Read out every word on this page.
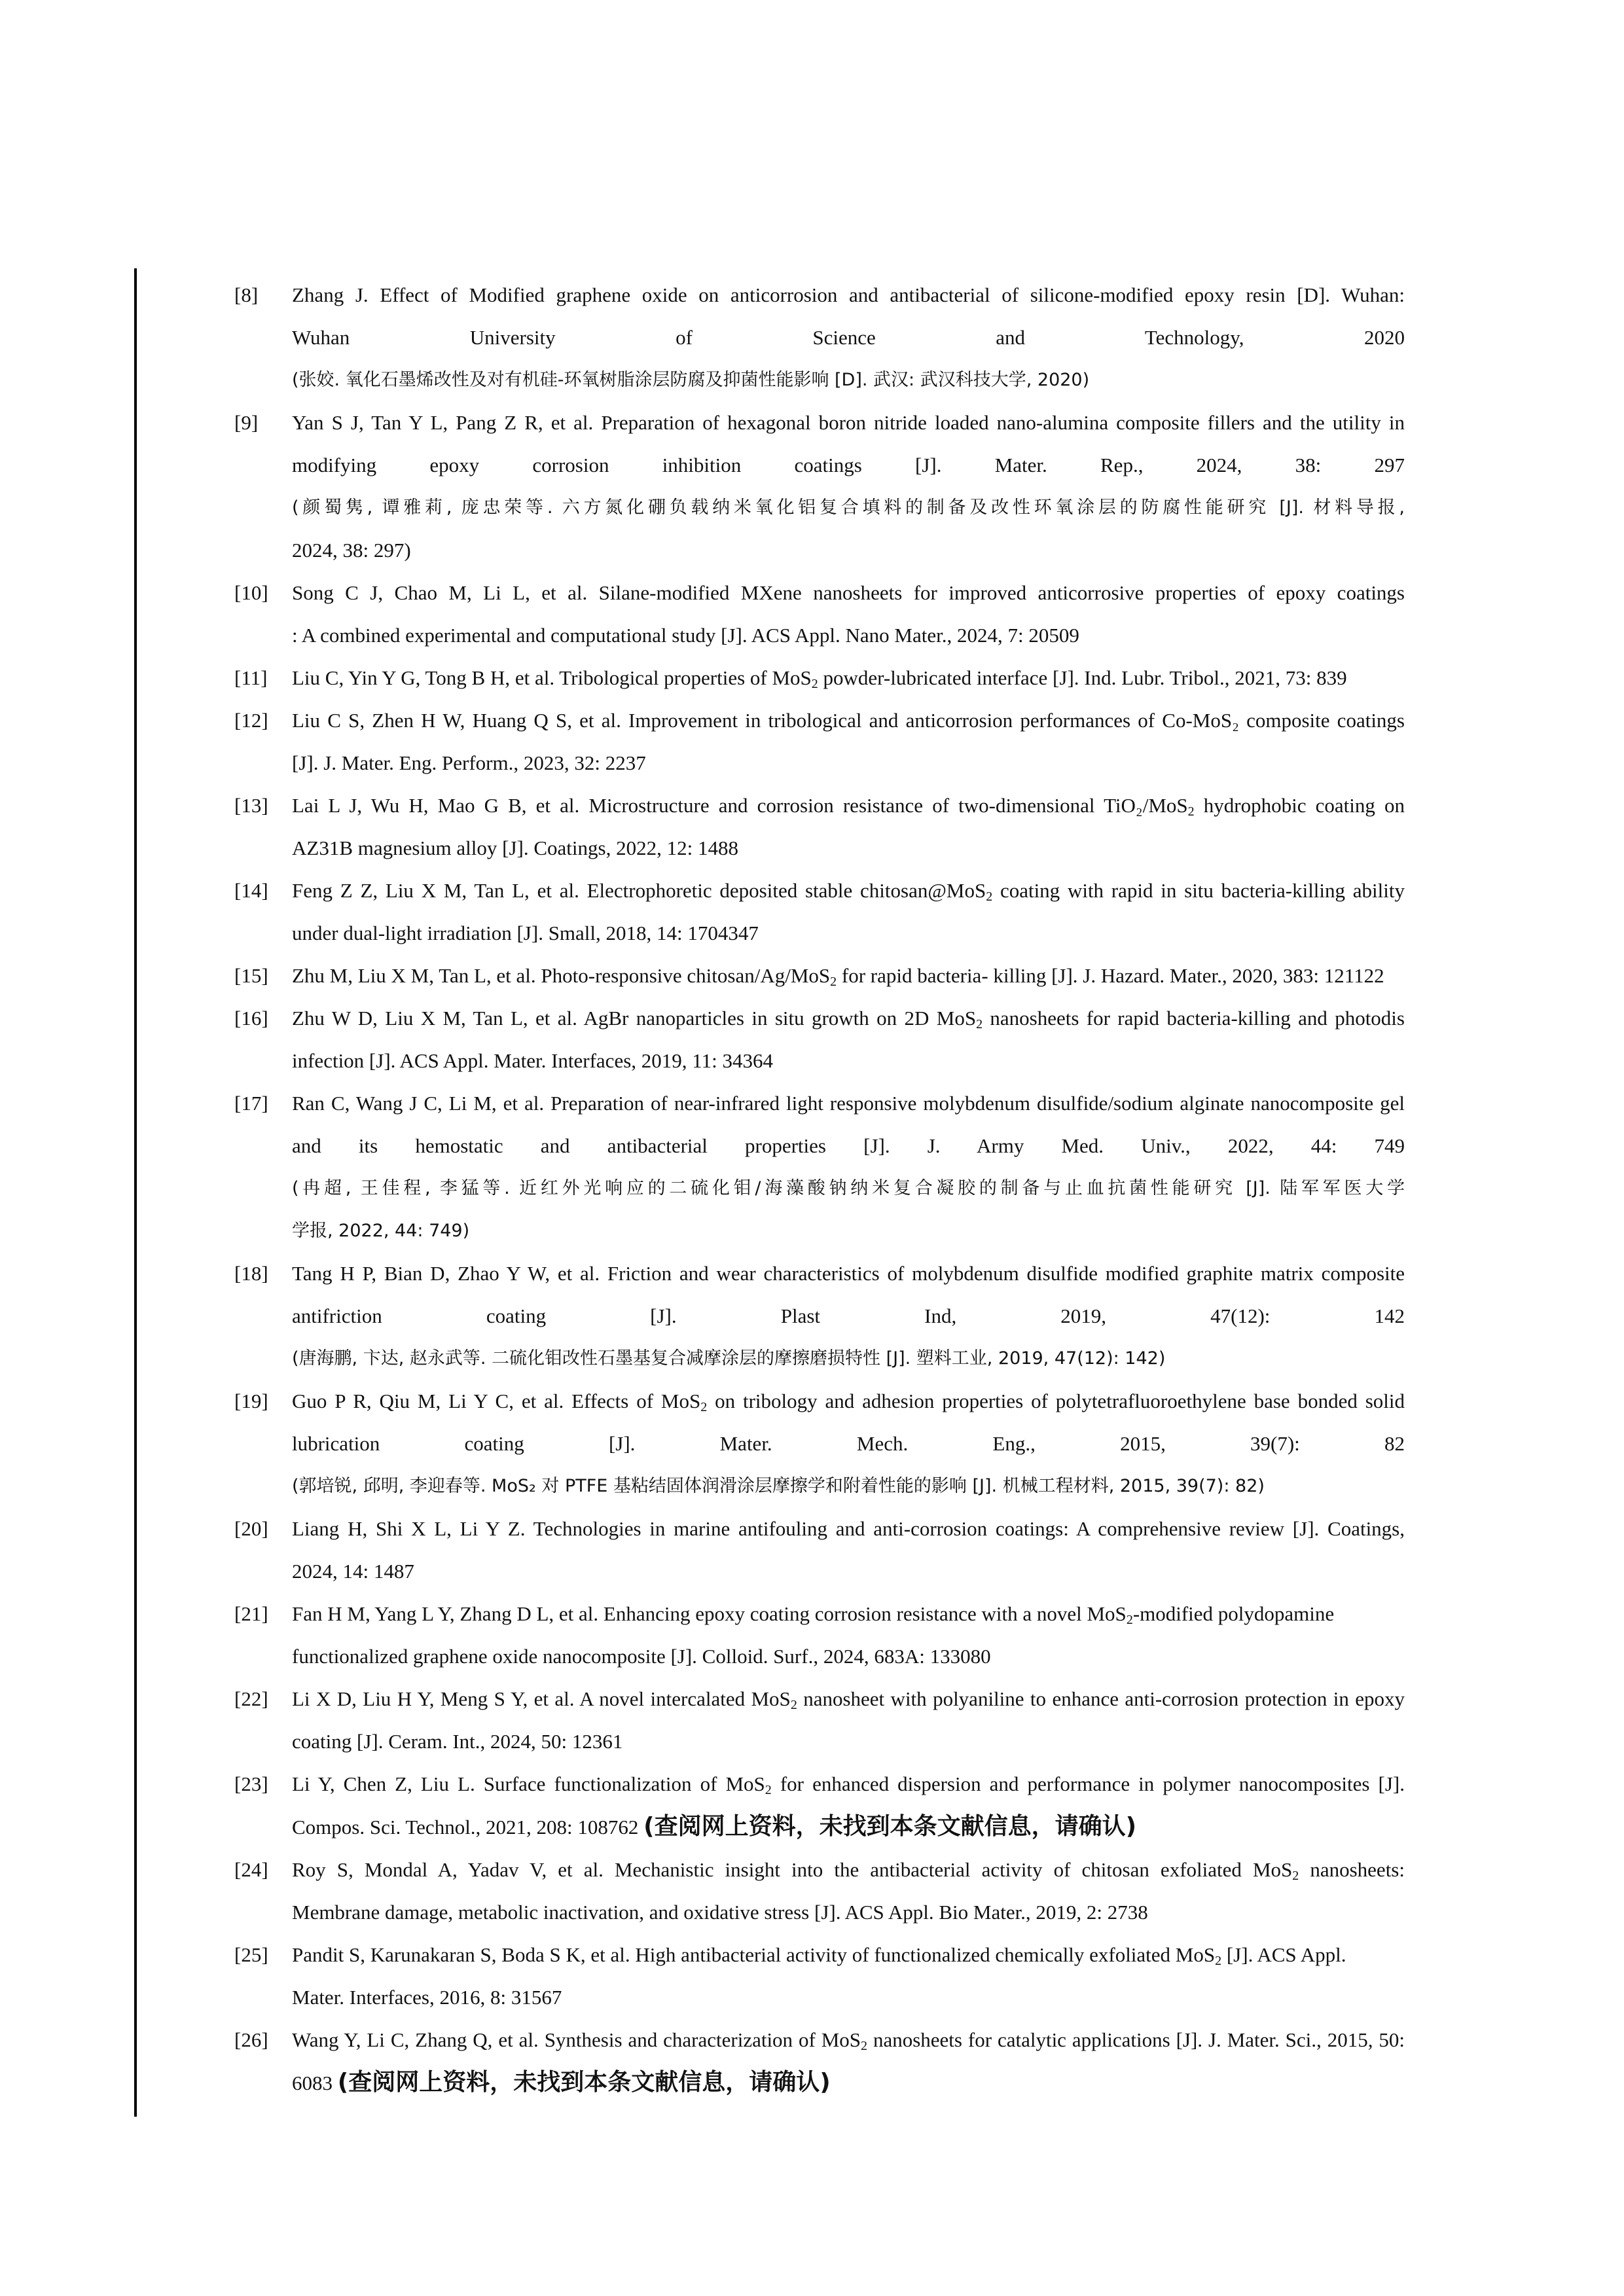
[8] Zhang J. Effect of Modified graphene oxide on anticorrosion and antibacterial of silicone-modified epoxy resin [D]. Wuhan:
Wuhan University of Science and Technology, 2020
(张姣. 氧化石墨烯改性及对有机硅-环氧树脂涂层防腐及抑菌性能影响 [D]. 武汉: 武汉科技大学, 2020)
[9] Yan S J, Tan Y L, Pang Z R, et al. Preparation of hexagonal boron nitride loaded nano-alumina composite fillers and the utility in
modifying epoxy corrosion inhibition coatings [J]. Mater. Rep., 2024, 38: 297
(颜蜀隽, 谭雅莉, 庞忠荣等. 六方氮化硼负载纳米氧化铝复合填料的制备及改性环氧涂层的防腐性能研究 [J]. 材料导报,
2024, 38: 297)
[10] Song C J, Chao M, Li L, et al. Silane-modified MXene nanosheets for improved anticorrosive properties of epoxy coatings
: A combined experimental and computational study [J]. ACS Appl. Nano Mater., 2024, 7: 20509
[11] Liu C, Yin Y G, Tong B H, et al. Tribological properties of MoS$_2$ powder-lubricated interface [J]. Ind. Lubr. Tribol., 2021, 73: 839
[12] Liu C S, Zhen H W, Huang Q S, et al. Improvement in tribological and anticorrosion performances of Co-MoS₂ composite coatings
[J]. J. Mater. Eng. Perform., 2023, 32: 2237
[13] Lai L J, Wu H, Mao G B, et al. Microstructure and corrosion resistance of two-dimensional TiO₂/MoS$_2$ hydrophobic coating on
AZ31B magnesium alloy [J]. Coatings, 2022, 12: 1488
[14] Feng Z Z, Liu X M, Tan L, et al. Electrophoretic deposited stable chitosan@MoS$_2$ coating with rapid in situ bacteria-killing ability
under dual-light irradiation [J]. Small, 2018, 14: 1704347
[15] Zhu M, Liu X M, Tan L, et al. Photo-responsive chitosan/Ag/MoS$_2$ for rapid bacteria- killing [J]. J. Hazard. Mater., 2020, 383: 121122
[16] Zhu W D, Liu X M, Tan L, et al. AgBr nanoparticles in situ growth on 2D MoS$_2$ nanosheets for rapid bacteria-killing and photodis
infection [J]. ACS Appl. Mater. Interfaces, 2019, 11: 34364
[17] Ran C, Wang J C, Li M, et al. Preparation of near-infrared light responsive molybdenum disulfide/sodium alginate nanocomposite gel
and its hemostatic and antibacterial properties [J]. J. Army Med. Univ., 2022, 44: 749
(冉超, 王佳程, 李猛等. 近红外光响应的二硫化钼/海藻酸钠纳米复合凝胶的制备与止血抗菌性能研究 [J]. 陆军军医大学
学报, 2022, 44: 749)
[18] Tang H P, Bian D, Zhao Y W, et al. Friction and wear characteristics of molybdenum disulfide modified graphite matrix composite
antifriction coating [J]. Plast Ind, 2019, 47(12): 142
(唐海鹏, 卞达, 赵永武等. 二硫化钼改性石墨基复合减摩涂层的摩擦磨损特性 [J]. 塑料工业, 2019, 47(12): 142)
[19] Guo P R, Qiu M, Li Y C, et al. Effects of MoS$_2$ on tribology and adhesion properties of polytetrafluoroethylene base bonded solid
lubrication coating [J]. Mater. Mech. Eng., 2015, 39(7): 82
(郭培锐, 邱明, 李迎春等. MoS₂ 对 PTFE 基粘结固体润滑涂层摩擦学和附着性能的影响 [J]. 机械工程材料, 2015, 39(7): 82)
[20] Liang H, Shi X L, Li Y Z. Technologies in marine antifouling and anti-corrosion coatings: A comprehensive review [J]. Coatings,
2024, 14: 1487
[21] Fan H M, Yang L Y, Zhang D L, et al. Enhancing epoxy coating corrosion resistance with a novel MoS$_2$-modified polydopamine
functionalized graphene oxide nanocomposite [J]. Colloid. Surf., 2024, 683A: 133080
[22] Li X D, Liu H Y, Meng S Y, et al. A novel intercalated MoS$_2$ nanosheet with polyaniline to enhance anti-corrosion protection in epoxy
coating [J]. Ceram. Int., 2024, 50: 12361
[23] Li Y, Chen Z, Liu L. Surface functionalization of MoS$_2$ for enhanced dispersion and performance in polymer nanocomposites [J].
Compos. Sci. Technol., 2021, 208: 108762 (查阅网上资料，未找到本条文献信息，请确认)
[24] Roy S, Mondal A, Yadav V, et al. Mechanistic insight into the antibacterial activity of chitosan exfoliated MoS$_2$ nanosheets:
Membrane damage, metabolic inactivation, and oxidative stress [J]. ACS Appl. Bio Mater., 2019, 2: 2738
[25] Pandit S, Karunakaran S, Boda S K, et al. High antibacterial activity of functionalized chemically exfoliated MoS$_2$ [J]. ACS Appl.
Mater. Interfaces, 2016, 8: 31567
[26] Wang Y, Li C, Zhang Q, et al. Synthesis and characterization of MoS$_2$ nanosheets for catalytic applications [J]. J. Mater. Sci., 2015, 50:
6083 (查阅网上资料，未找到本条文献信息，请确认)
